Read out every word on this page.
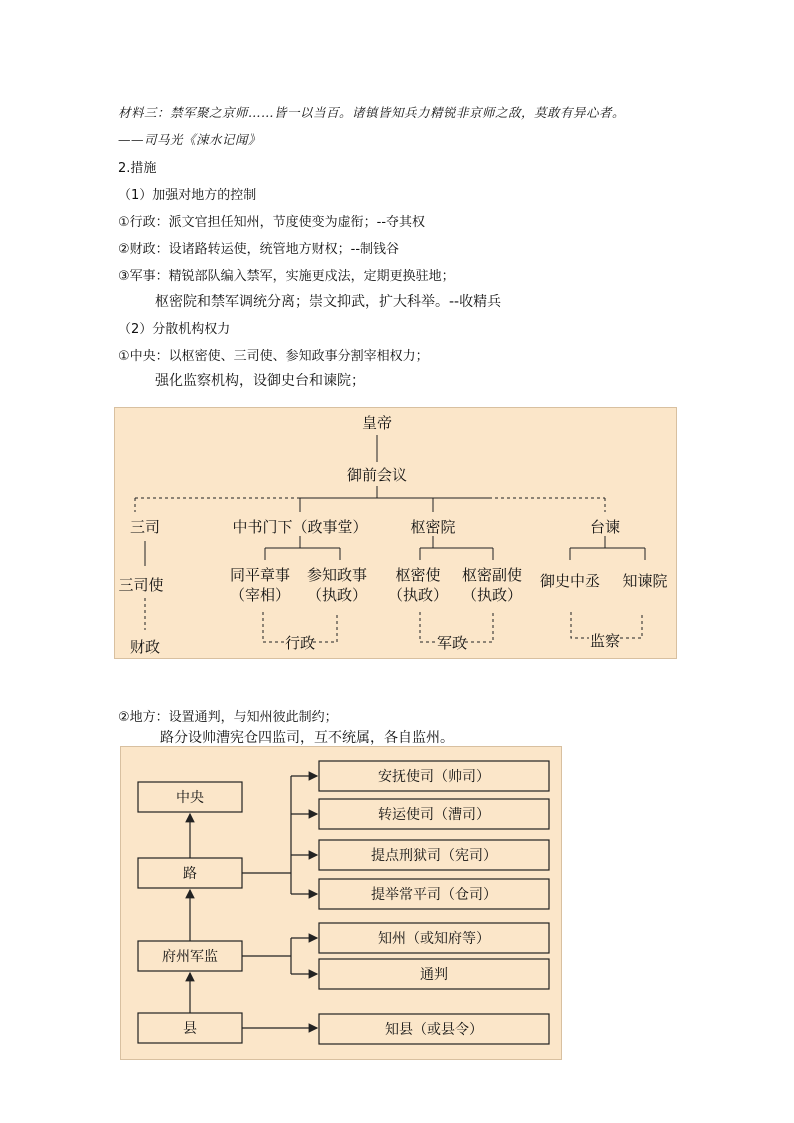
材料三：禁军聚之京师……皆一以当百。诸镇皆知兵力精锐非京师之敌，莫敢有异心者。
——司马光《涑水记闻》
2.措施
（1）加强对地方的控制
①行政：派文官担任知州，节度使变为虚衔；--夺其权
②财政：设诸路转运使，统管地方财权；--制钱谷
③军事：精锐部队编入禁军，实施更戍法，定期更换驻地；
枢密院和禁军调统分离；崇文抑武，扩大科举。--收精兵
（2）分散机构权力
①中央：以枢密使、三司使、参知政事分割宰相权力；
强化监察机构，设御史台和谏院；
皇帝
御前会议
三司	中书门下（政事堂）	枢密院	台谏
三司使
同平章事
（宰相）
参知政事
（执政）
枢密使
（执政）
枢密副使
（执政）
御史中丞 知谏院
财政	行政	军政	监察
②地方：设置通判，与知州彼此制约；
路分设帅漕宪仓四监司，互不统属，各自监州。
中央
路
府州军监
县
安抚使司（帅司）
转运使司（漕司）
提点刑狱司（宪司）
提举常平司（仓司）
知州（或知府等）
通判
知县（或县令）
